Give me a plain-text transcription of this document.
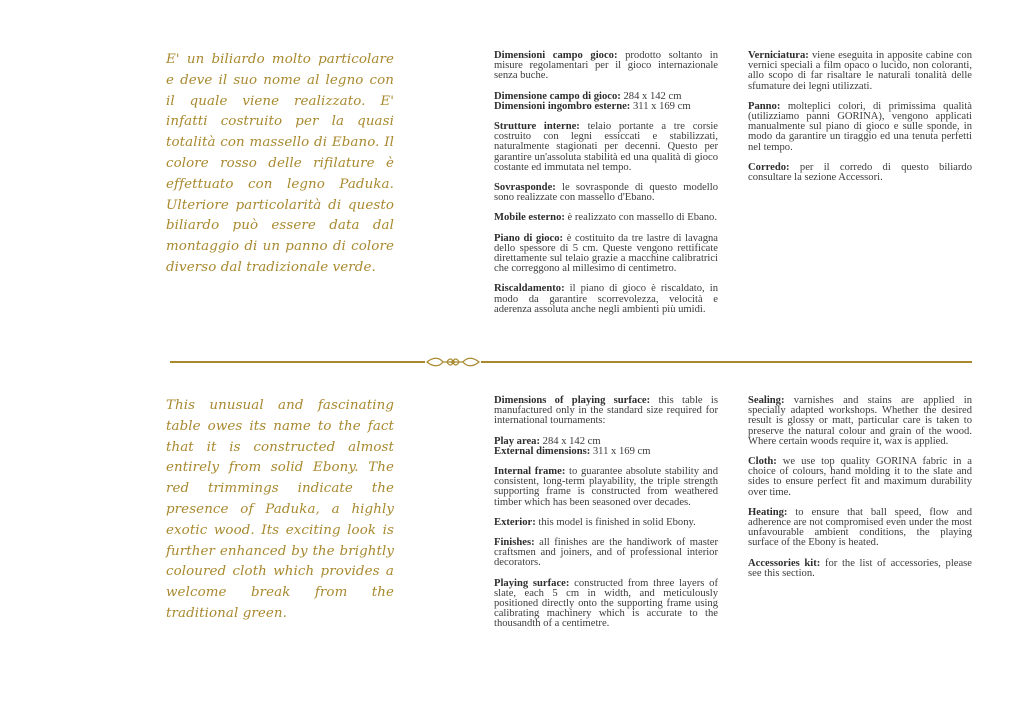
E' un biliardo molto particolare e deve il suo nome al legno con il quale viene realizzato. E' infatti costruito per la quasi totalità con massello di Ebano. Il colore rosso delle rifilature è effettuato con legno Paduka. Ulteriore particolarità di questo biliardo può essere data dal montaggio di un panno di colore diverso dal tradizionale verde.

Dimensioni campo gioco: prodotto soltanto in misure regolamentari per il gioco internazionale senza buche.

Dimensione campo di gioco: 284 x 142 cm
Dimensioni ingombro esterne: 311 x 169 cm

Strutture interne: telaio portante a tre corsie costruito con legni essiccati e stabilizzati, naturalmente stagionati per decenni. Questo per garantire un'assoluta stabilità ed una qualità di gioco costante ed immutata nel tempo.

Sovrasponde: le sovrasponde di questo modello sono realizzate con massello d'Ebano.

Mobile esterno: è realizzato con massello di Ebano.

Piano di gioco: è costituito da tre lastre di lavagna dello spessore di 5 cm. Queste vengono rettificate direttamente sul telaio grazie a macchine calibratrici che correggono al millesimo di centimetro.

Riscaldamento: il piano di gioco è riscaldato, in modo da garantire scorrevolezza, velocità e aderenza assoluta anche negli ambienti più umidi.

Verniciatura: viene eseguita in apposite cabine con vernici speciali a film opaco o lucido, non coloranti, allo scopo di far risaltare le naturali tonalità delle sfumature dei legni utilizzati.

Panno: molteplici colori, di primissima qualità (utilizziamo panni GORINA), vengono applicati manualmente sul piano di gioco e sulle sponde, in modo da garantire un tiraggio ed una tenuta perfetti nel tempo.

Corredo: per il corredo di questo biliardo consultare la sezione Accessori.

This unusual and fascinating table owes its name to the fact that it is constructed almost entirely from solid Ebony. The red trimmings indicate the presence of Paduka, a highly exotic wood. Its exciting look is further enhanced by the brightly coloured cloth which provides a welcome break from the traditional green.

Dimensions of playing surface: this table is manufactured only in the standard size required for international tournaments:

Play area: 284 x 142 cm
External dimensions: 311 x 169 cm

Internal frame: to guarantee absolute stability and consistent, long-term playability, the triple strength supporting frame is constructed from weathered timber which has been seasoned over decades.

Exterior: this model is finished in solid Ebony.

Finishes: all finishes are the handiwork of master craftsmen and joiners, and of professional interior decorators.

Playing surface: constructed from three layers of slate, each 5 cm in width, and meticulously positioned directly onto the supporting frame using calibrating machinery which is accurate to the thousandth of a centimetre.

Sealing: varnishes and stains are applied in specially adapted workshops. Whether the desired result is glossy or matt, particular care is taken to preserve the natural colour and grain of the wood. Where certain woods require it, wax is applied.

Cloth: we use top quality GORINA fabric in a choice of colours, hand molding it to the slate and sides to ensure perfect fit and maximum durability over time.

Heating: to ensure that ball speed, flow and adherence are not compromised even under the most unfavourable ambient conditions, the playing surface of the Ebony is heated.

Accessories kit: for the list of accessories, please see this section.
